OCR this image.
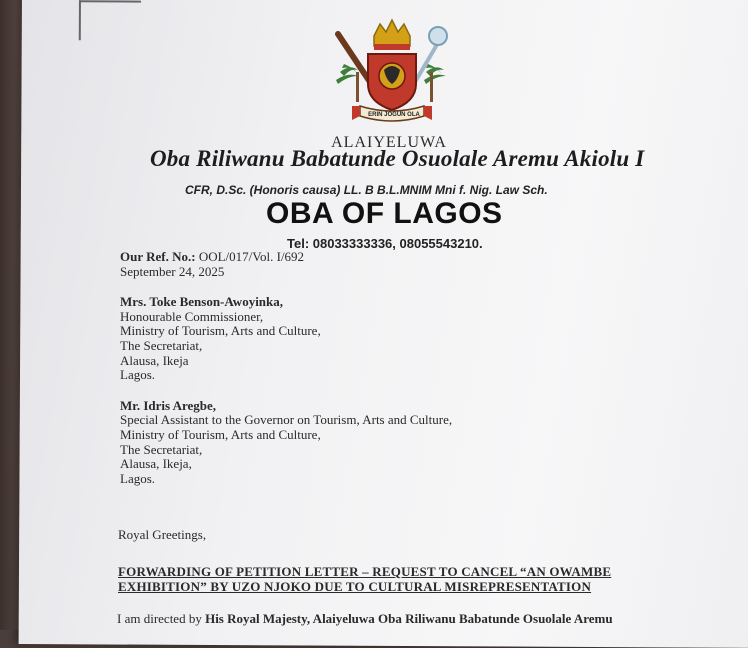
ERIN JOGUN OLA
ALAIYELUWA
Oba Riliwanu Babatunde Osuolale Aremu Akiolu I
CFR, D.Sc. (Honoris causa) LL. B B.L.MNIM Mni f. Nig. Law Sch.
OBA OF LAGOS
Tel: 08033333336, 08055543210.

Our Ref. No.: OOL/017/Vol. I/692

September 24, 2025

Mrs. Toke Benson-Awoyinka,

Honourable Commissioner,

Ministry of Tourism, Arts and Culture,

The Secretariat,

Alausa, Ikeja

Lagos.

Mr. Idris Aregbe,

Special Assistant to the Governor on Tourism, Arts and Culture,

Ministry of Tourism, Arts and Culture,

The Secretariat,

Alausa, Ikeja,

Lagos.

Royal Greetings,
FORWARDING OF PETITION LETTER – REQUEST TO CANCEL “AN OWAMBE
EXHIBITION” BY UZO NJOKO DUE TO CULTURAL MISREPRESENTATION
I am directed by His Royal Majesty, Alaiyeluwa Oba Riliwanu Babatunde Osuolale Aremu
